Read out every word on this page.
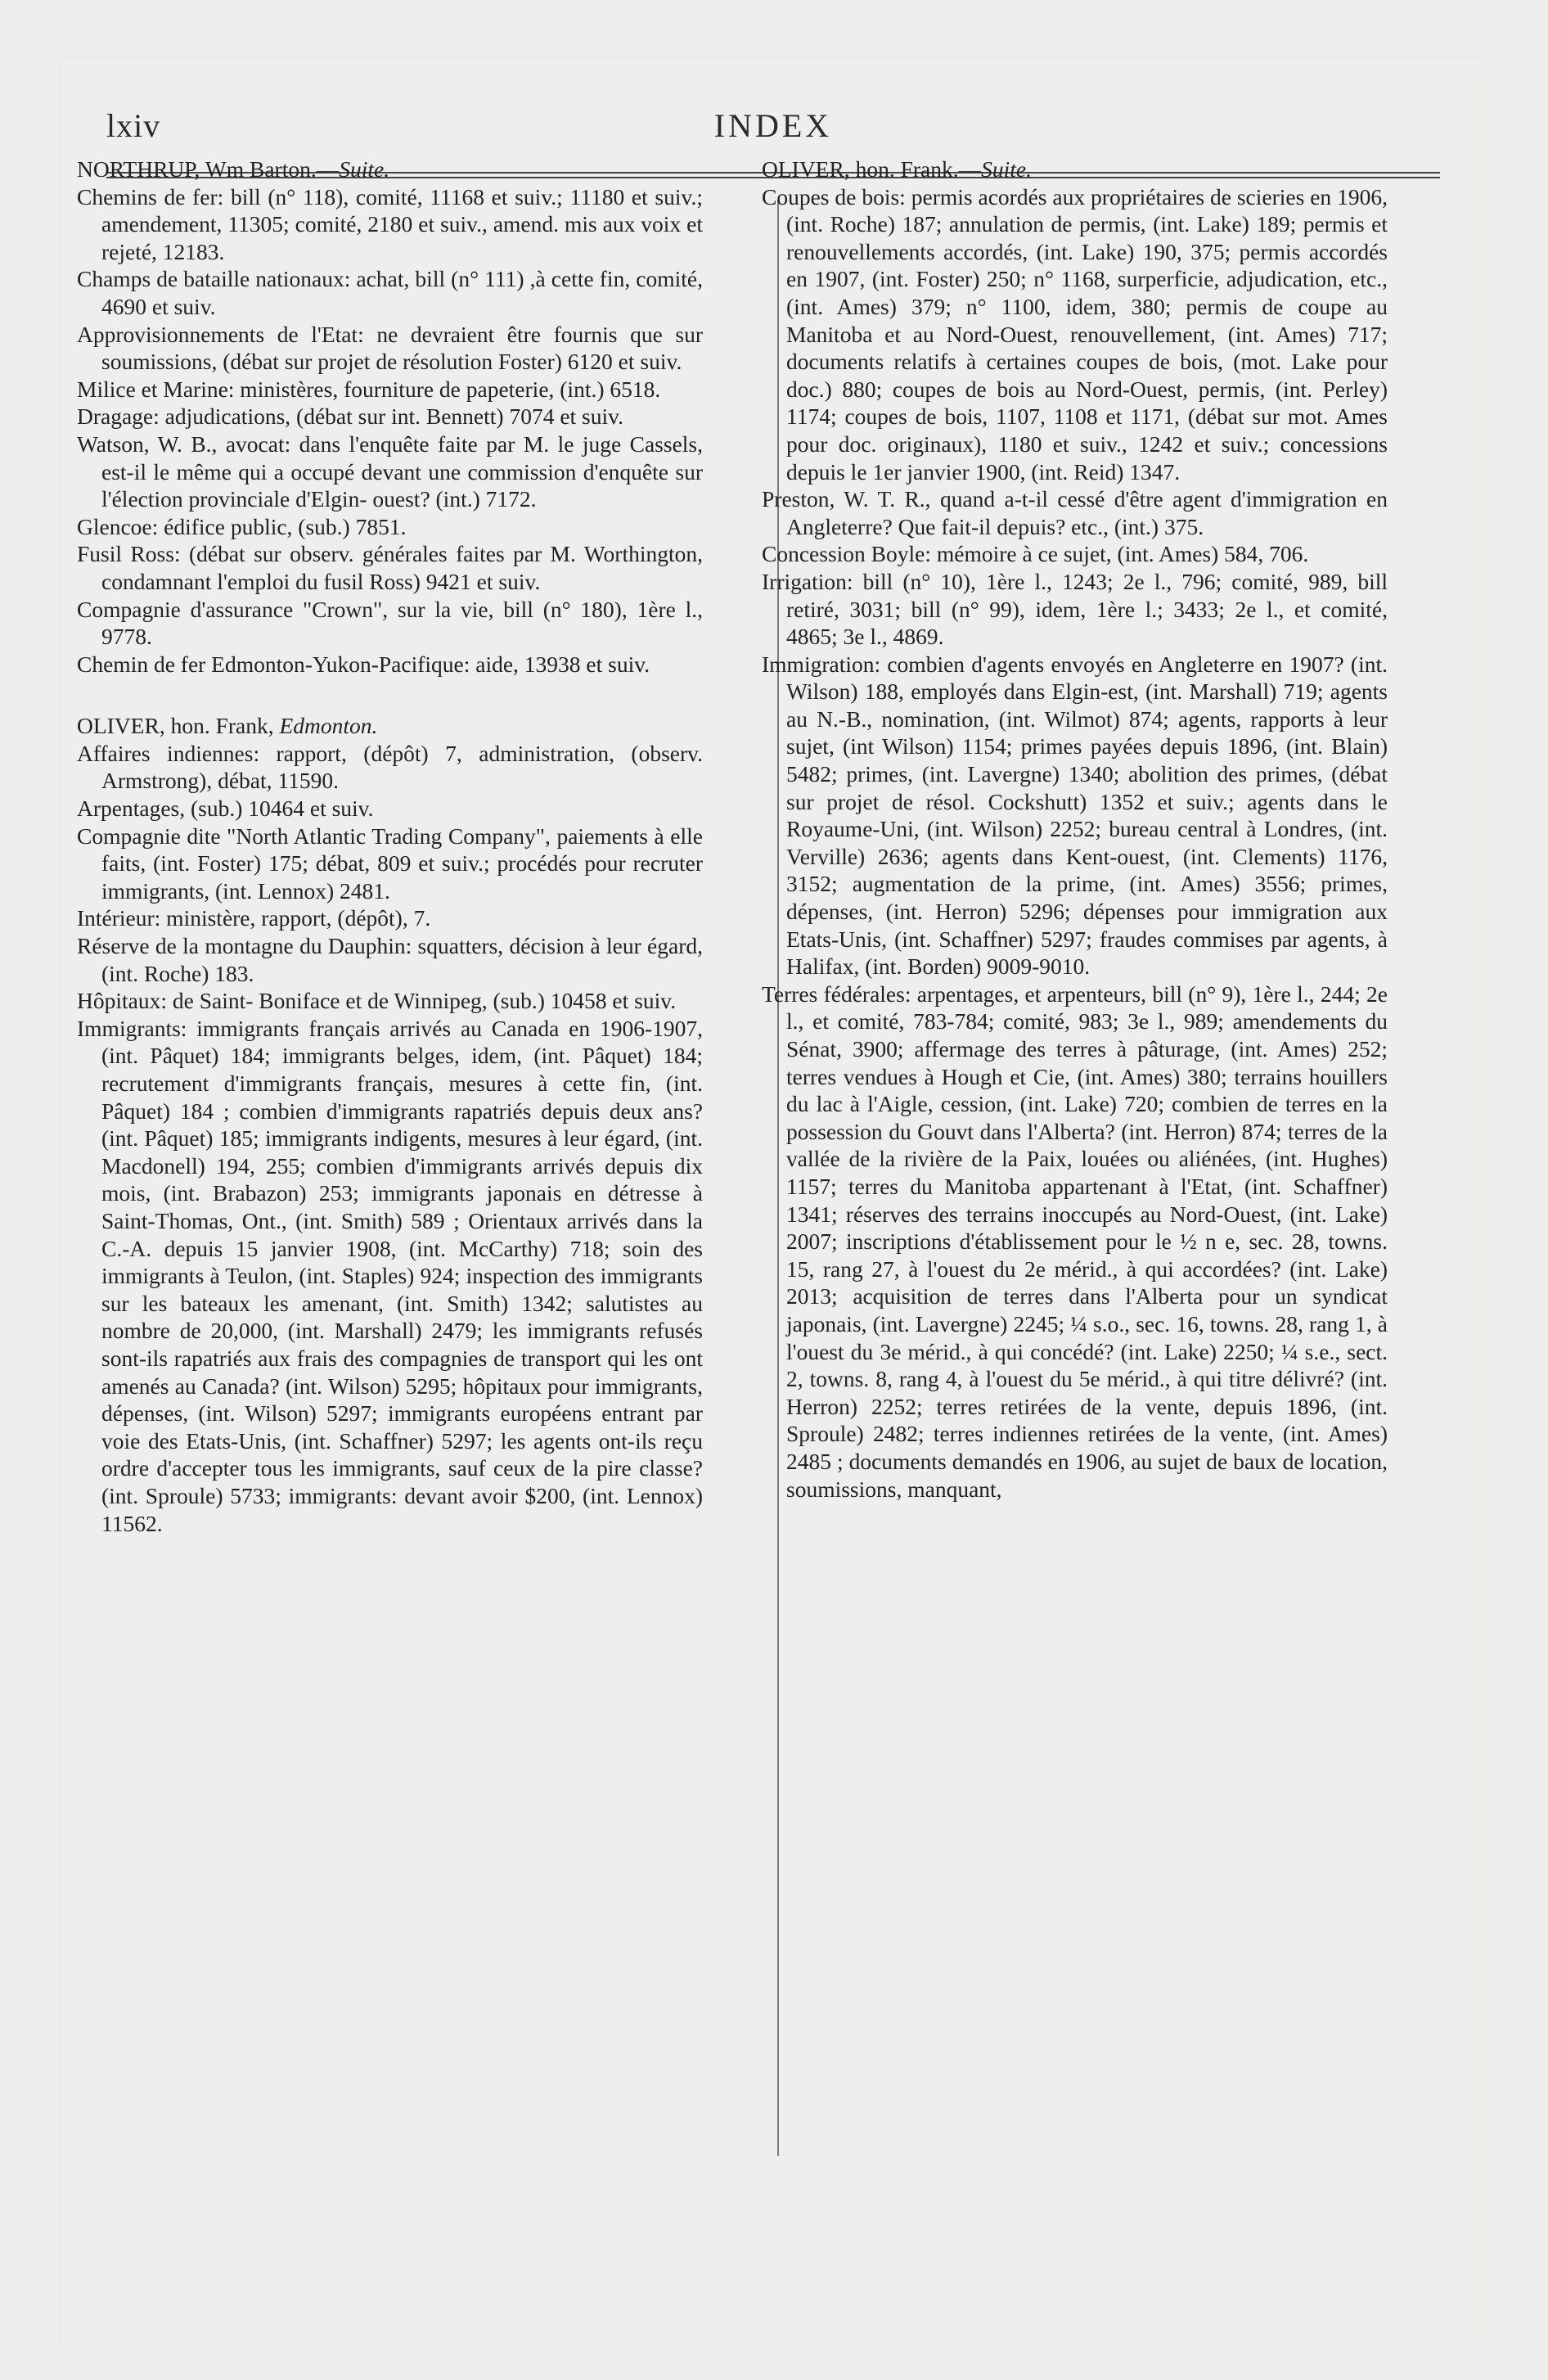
lxiv	INDEX

NORTHRUP, Wm Barton.—Suite.

Chemins de fer: bill (n° 118), comité, 11168 et suiv.; 11180 et suiv.; amendement, 11305; comité, 2180 et suiv., amend. mis aux voix et rejeté, 12183.

Champs de bataille nationaux: achat, bill (n° 111) ,à cette fin, comité, 4690 et suiv.

Approvisionnements de l'Etat: ne devraient être fournis que sur soumissions, (débat sur projet de résolution Foster) 6120 et suiv.

Milice et Marine: ministères, fourniture de papeterie, (int.) 6518.

Dragage: adjudications, (débat sur int. Bennett) 7074 et suiv.

Watson, W. B., avocat: dans l'enquête faite par M. le juge Cassels, est-il le même qui a occupé devant une commission d'enquête sur l'élection provinciale d'Elgin- ouest? (int.) 7172.

Glencoe: édifice public, (sub.) 7851.

Fusil Ross: (débat sur observ. générales faites par M. Worthington, condamnant l'emploi du fusil Ross) 9421 et suiv.

Compagnie d'assurance "Crown", sur la vie, bill (n° 180), 1ère l., 9778.

Chemin de fer Edmonton-Yukon-Pacifique: aide, 13938 et suiv.

OLIVER, hon. Frank, Edmonton.

Affaires indiennes: rapport, (dépôt) 7, administration, (observ. Armstrong), débat, 11590.

Arpentages, (sub.) 10464 et suiv.

Compagnie dite "North Atlantic Trading Company", paiements à elle faits, (int. Foster) 175; débat, 809 et suiv.; procédés pour recruter immigrants, (int. Lennox) 2481.

Intérieur: ministère, rapport, (dépôt), 7.

Réserve de la montagne du Dauphin: squatters, décision à leur égard, (int. Roche) 183.

Hôpitaux: de Saint- Boniface et de Winnipeg, (sub.) 10458 et suiv.

Immigrants: immigrants français arrivés au Canada en 1906-1907, (int. Pâquet) 184; immigrants belges, idem, (int. Pâquet) 184; recrutement d'immigrants français, mesures à cette fin, (int. Pâquet) 184 ; combien d'immigrants rapatriés depuis deux ans? (int. Pâquet) 185; immigrants indigents, mesures à leur égard, (int. Macdonell) 194, 255; combien d'immigrants arrivés depuis dix mois, (int. Brabazon) 253; immigrants japonais en détresse à Saint-Thomas, Ont., (int. Smith) 589 ; Orientaux arrivés dans la C.-A. depuis 15 janvier 1908, (int. McCarthy) 718; soin des immigrants à Teulon, (int. Staples) 924; inspection des immigrants sur les bateaux les amenant, (int. Smith) 1342; salutistes au nombre de 20,000, (int. Marshall) 2479; les immigrants refusés sont-ils rapatriés aux frais des compagnies de transport qui les ont amenés au Canada? (int. Wilson) 5295; hôpitaux pour immigrants, dépenses, (int. Wilson) 5297; immigrants européens entrant par voie des Etats-Unis, (int. Schaffner) 5297; les agents ont-ils reçu ordre d'accepter tous les immigrants, sauf ceux de la pire classe? (int. Sproule) 5733; immigrants: devant avoir $200, (int. Lennox) 11562.

OLIVER, hon. Frank.—Suite.

Coupes de bois: permis acordés aux propriétaires de scieries en 1906, (int. Roche) 187; annulation de permis, (int. Lake) 189; permis et renouvellements accordés, (int. Lake) 190, 375; permis accordés en 1907, (int. Foster) 250; n° 1168, surperficie, adjudication, etc., (int. Ames) 379; n° 1100, idem, 380; permis de coupe au Manitoba et au Nord-Ouest, renouvellement, (int. Ames) 717; documents relatifs à certaines coupes de bois, (mot. Lake pour doc.) 880; coupes de bois au Nord-Ouest, permis, (int. Perley) 1174; coupes de bois, 1107, 1108 et 1171, (débat sur mot. Ames pour doc. originaux), 1180 et suiv., 1242 et suiv.; concessions depuis le 1er janvier 1900, (int. Reid) 1347.

Preston, W. T. R., quand a-t-il cessé d'être agent d'immigration en Angleterre? Que fait-il depuis? etc., (int.) 375.

Concession Boyle: mémoire à ce sujet, (int. Ames) 584, 706.

Irrigation: bill (n° 10), 1ère l., 1243; 2e l., 796; comité, 989, bill retiré, 3031; bill (n° 99), idem, 1ère l.; 3433; 2e l., et comité, 4865; 3e l., 4869.

Immigration: combien d'agents envoyés en Angleterre en 1907? (int. Wilson) 188, employés dans Elgin-est, (int. Marshall) 719; agents au N.-B., nomination, (int. Wilmot) 874; agents, rapports à leur sujet, (int Wilson) 1154; primes payées depuis 1896, (int. Blain) 5482; primes, (int. Lavergne) 1340; abolition des primes, (débat sur projet de résol. Cockshutt) 1352 et suiv.; agents dans le Royaume-Uni, (int. Wilson) 2252; bureau central à Londres, (int. Verville) 2636; agents dans Kent-ouest, (int. Clements) 1176, 3152; augmentation de la prime, (int. Ames) 3556; primes, dépenses, (int. Herron) 5296; dépenses pour immigration aux Etats-Unis, (int. Schaffner) 5297; fraudes commises par agents, à Halifax, (int. Borden) 9009-9010.

Terres fédérales: arpentages, et arpenteurs, bill (n° 9), 1ère l., 244; 2e l., et comité, 783-784; comité, 983; 3e l., 989; amendements du Sénat, 3900; affermage des terres à pâturage, (int. Ames) 252; terres vendues à Hough et Cie, (int. Ames) 380; terrains houillers du lac à l'Aigle, cession, (int. Lake) 720; combien de terres en la possession du Gouvt dans l'Alberta? (int. Herron) 874; terres de la vallée de la rivière de la Paix, louées ou aliénées, (int. Hughes) 1157; terres du Manitoba appartenant à l'Etat, (int. Schaffner) 1341; réserves des terrains inoccupés au Nord-Ouest, (int. Lake) 2007; inscriptions d'établissement pour le ½ n e, sec. 28, towns. 15, rang 27, à l'ouest du 2e mérid., à qui accordées? (int. Lake) 2013; acquisition de terres dans l'Alberta pour un syndicat japonais, (int. Lavergne) 2245; ¼ s.o., sec. 16, towns. 28, rang 1, à l'ouest du 3e mérid., à qui concédé? (int. Lake) 2250; ¼ s.e., sect. 2, towns. 8, rang 4, à l'ouest du 5e mérid., à qui titre délivré? (int. Herron) 2252; terres retirées de la vente, depuis 1896, (int. Sproule) 2482; terres indiennes retirées de la vente, (int. Ames) 2485 ; documents demandés en 1906, au sujet de baux de location, soumissions, manquant,
